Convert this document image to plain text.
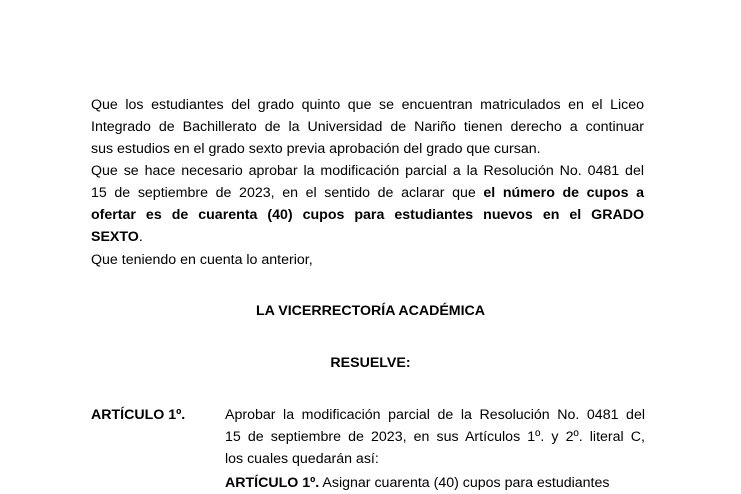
Que los estudiantes del grado quinto que se encuentran matriculados en el Liceo
Integrado de Bachillerato de la Universidad de Nariño tienen derecho a continuar
sus estudios en el grado sexto previa aprobación del grado que cursan.
Que se hace necesario aprobar la modificación parcial a la Resolución No. 0481 del
15 de septiembre de 2023, en el sentido de aclarar que el número de cupos a
ofertar es de cuarenta (40) cupos para estudiantes nuevos en el GRADO
SEXTO.
Que teniendo en cuenta lo anterior,
LA VICERRECTORÍA ACADÉMICA
RESUELVE:
ARTÍCULO 1º.	Aprobar la modificación parcial de la Resolución No. 0481 del
15 de septiembre de 2023, en sus Artículos 1º. y 2º. literal C,
los cuales quedarán así:
ARTÍCULO 1º. Asignar cuarenta (40) cupos para estudiantes
